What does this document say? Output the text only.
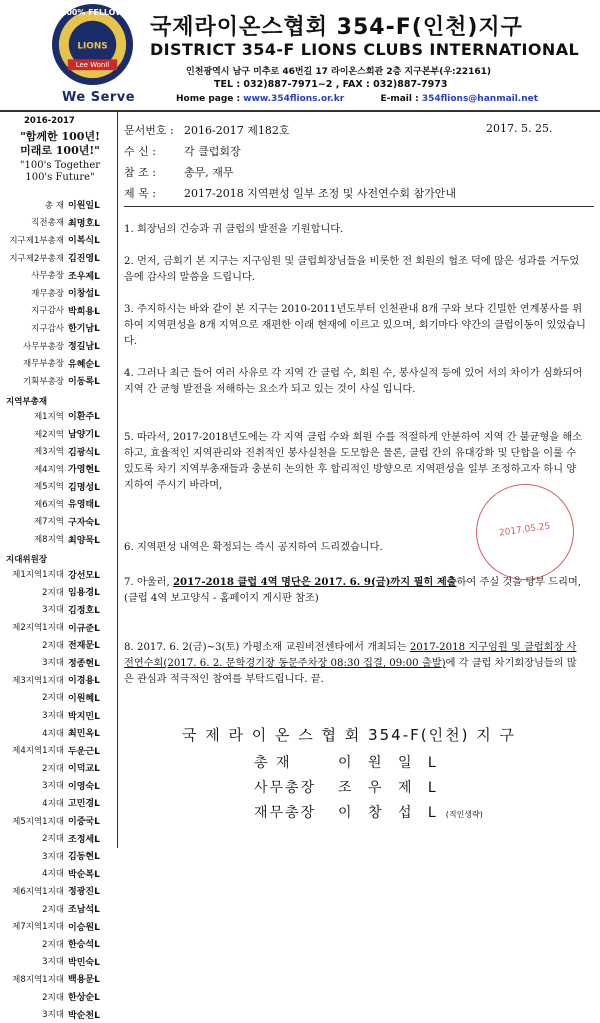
100% FELLOW
LIONS
Lee WonIl
We Serve
국제라이온스협회 354-F(인천)지구
DISTRICT 354-F LIONS CLUBS INTERNATIONAL
인천광역시 남구 미추로 46번길 17 라이온스회관 2층 지구본부(우:22161)
TEL : 032)887-7971~2 , FAX : 032)887-7973
Home page : www.354flions.or.kr	E-mail : 354flions@hanmail.net
2016-2017
"함께한 100년!
미래로 100년!"
"100's Together
100's Future"
총 재 이원일L
직전총재 최명호L
지구제1부총재 이복식L
지구제2부총재 김진영L
사무총장 조우제L
재무총장 이창섭L
지구감사 박희용L
지구감사 한기남L
사무부총장 정길남L
재무부총장 유혜순L
기획부총장 이동록L
지역부총재
제1지역 이환주L
제2지역 남양기L
제3지역 김광식L
제4지역 가영현L
제5지역 김명성L
제6지역 유영태L
제7지역 구자숙L
제8지역 최양묵L
지대위원장
제1지역1지대 강선모L
2지대 임용경L
3지대 김정호L
제2지역1지대 이규준L
2지대 전재문L
3지대 정종현L
제3지역1지대 이경용L
2지대 이원혜L
3지대 박지민L
4지대 최민옥L
제4지역1지대 두운근L
2지대 이덕교L
3지대 이영숙L
4지대 고민경L
제5지역1지대 이중국L
2지대 조정세L
3지대 김동현L
4지대 박순복L
제6지역1지대 정광진L
2지대 조남석L
제7지역1지대 이승원L
2지대 한승석L
3지대 박민숙L
제8지역1지대 백용문L
2지대 한상순L
3지대 박순천L
문서번호 : 2016-2017 제182호	2017. 5. 25.
수 신 :	각 클럽회장
참 조 :	총무, 재무
제 목 :	2017-2018 지역편성 일부 조정 및 사전연수회 참가안내
1. 회장님의 건승과 귀 클럽의 발전을 기원합니다.
2. 먼저, 금회기 본 지구는 지구임원 및 클럽회장님들을 비롯한 전 회원의 협조 덕에 많은 성과를 거두었음에 감사의 말씀을 드립니다.
3. 주지하시는 바와 같이 본 지구는 2010-2011년도부터 인천관내 8개 구와 보다 긴밀한 연계봉사를 위하여 지역편성을 8개 지역으로 재편한 이래 현재에 이르고 있으며, 회기마다 약간의 클럽이동이 있었습니다.
4. 그러나 최근 들어 여러 사유로 각 지역 간 클럽 수, 회원 수, 봉사실적 등에 있어 서의 차이가 심화되어 지역 간 균형 발전을 저해하는 요소가 되고 있는 것이 사실 입니다.
5. 따라서, 2017-2018년도에는 각 지역 클럽 수와 회원 수를 적절하게 안분하여 지역 간 불균형을 해소하고, 효율적인 지역관리와 진취적인 봉사실천을 도모함은 물론, 클럽 간의 유대강화 및 단합을 이룰 수 있도록 차기 지역부총재들과 충분히 논의한 후 합리적인 방향으로 지역편성을 일부 조정하고자 하니 양지하여 주시기 바라며,
6. 지역편성 내역은 확정되는 즉시 공지하여 드리겠습니다.
7. 아울러, 2017-2018 클럽 4역 명단은 2017. 6. 9(금)까지 필히 제출하여 주실 것을 당부 드리며,
(클럽 4역 보고양식 - 홈페이지 게시판 참조)
8. 2017. 6. 2(금)~3(토) 가평소재 교원비전센타에서 개최되는 2017-2018 지구임원 및 클럽회장 사전연수회(2017. 6. 2. 문학경기장 동문주차장 08:30 집결, 09:00 출발)에 각 클럽 차기회장님들의 많은 관심과 적극적인 참여를 부탁드립니다. 끝.
2017.05.25
국 제 라 이 온 스 협 회 354-F(인천) 지 구
총 재	이 원 일 L
사무총장 조 우 제 L
재무총장 이 창 섭 L (직인생략)
